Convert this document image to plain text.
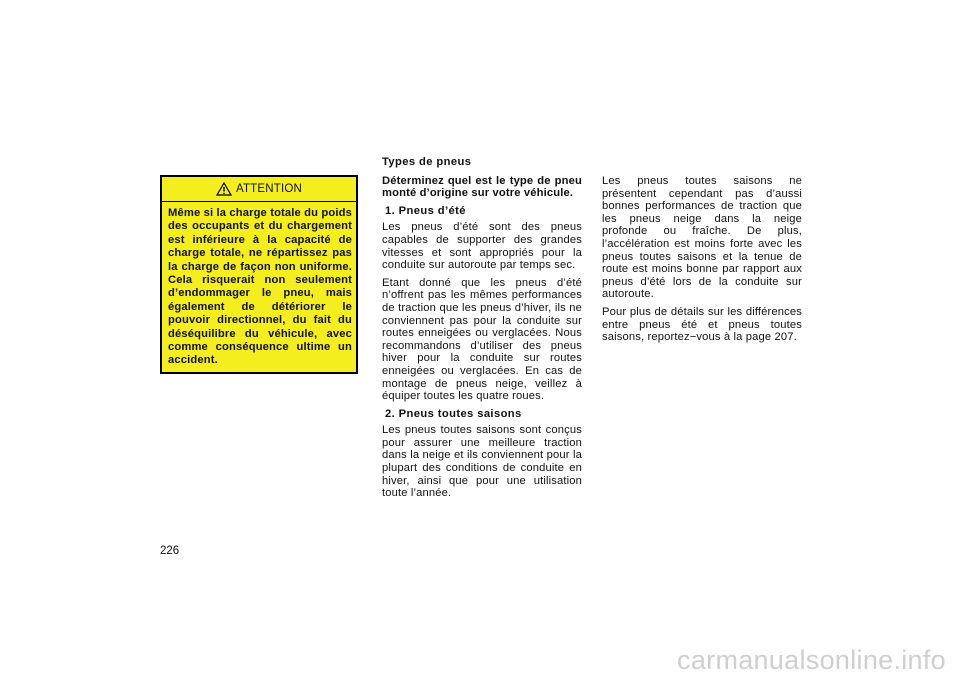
ATTENTION
Même si la charge totale du poids des occupants et du chargement est inférieure à la capacité de charge totale, ne répartissez pas la charge de façon non uniforme. Cela risquerait non seulement d’endommager le pneu, mais également de détériorer le pouvoir directionnel, du fait du déséquilibre du véhicule, avec comme conséquence ultime un accident.
226

Types de pneus

Déterminez quel est le type de pneu monté d’origine sur votre véhicule.

1. Pneus d’été

Les pneus d’été sont des pneus capables de supporter des grandes vitesses et sont appropriés pour la conduite sur autoroute par temps sec.

Etant donné que les pneus d’été n’offrent pas les mêmes performances de traction que les pneus d’hiver, ils ne conviennent pas pour la conduite sur routes enneigées ou verglacées. Nous recommandons d’utiliser des pneus hiver pour la conduite sur routes enneigées ou verglacées. En cas de montage de pneus neige, veillez à équiper toutes les quatre roues.

2. Pneus toutes saisons

Les pneus toutes saisons sont conçus pour assurer une meilleure traction dans la neige et ils conviennent pour la plupart des conditions de conduite en hiver, ainsi que pour une utilisation toute l’année.

Les pneus toutes saisons ne présentent cependant pas d’aussi bonnes performances de traction que les pneus neige dans la neige profonde ou fraîche. De plus, l’accélération est moins forte avec les pneus toutes saisons et la tenue de route est moins bonne par rapport aux pneus d’été lors de la conduite sur autoroute.

Pour plus de détails sur les différences entre pneus été et pneus toutes saisons, reportez−vous à la page 207.

carmanualsonline.info
